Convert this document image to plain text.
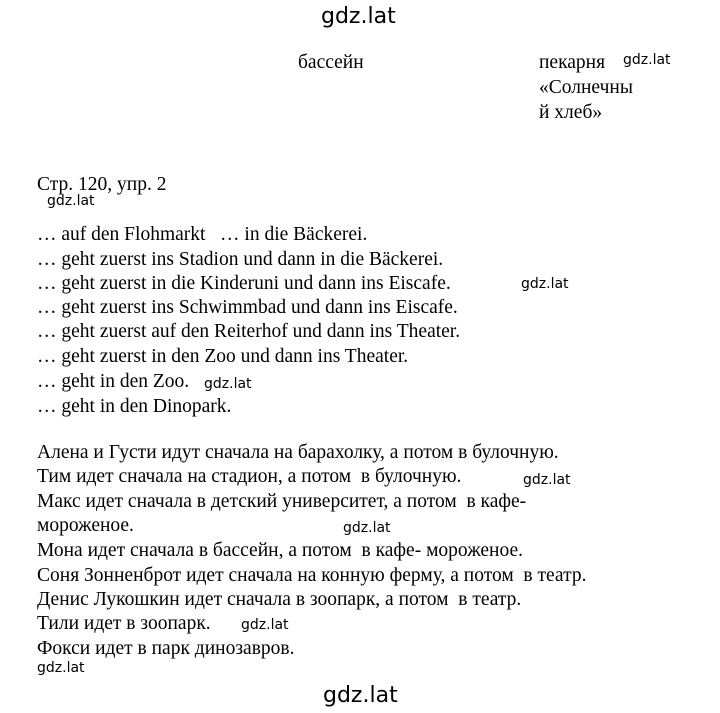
gdz.lat
gdz.lat
gdz.lat
gdz.lat
gdz.lat
gdz.lat
gdz.lat
gdz.lat
gdz.lat
gdz.lat
бассейн	пекарня
«Солнечны
й хлеб»
Стр. 120, упр. 2
… auf den Flohmarkt   … in die Bäckerei.
… geht zuerst ins Stadion und dann in die Bäckerei.
… geht zuerst in die Kinderuni und dann ins Eiscafe.
… geht zuerst ins Schwimmbad und dann ins Eiscafe.
… geht zuerst auf den Reiterhof und dann ins Theater.
… geht zuerst in den Zoo und dann ins Theater.
… geht in den Zoo.
… geht in den Dinopark.
Алена и Густи идут сначала на барахолку, а потом в булочную.
Тим идет сначала на стадион, а потом  в булочную.
Макс идет сначала в детский университет, а потом  в кафе-
мороженое.
Мона идет сначала в бассейн, а потом  в кафе- мороженое.
Соня Зонненброт идет сначала на конную ферму, а потом  в театр.
Денис Лукошкин идет сначала в зоопарк, а потом  в театр.
Тили идет в зоопарк.
Фокси идет в парк динозавров.
